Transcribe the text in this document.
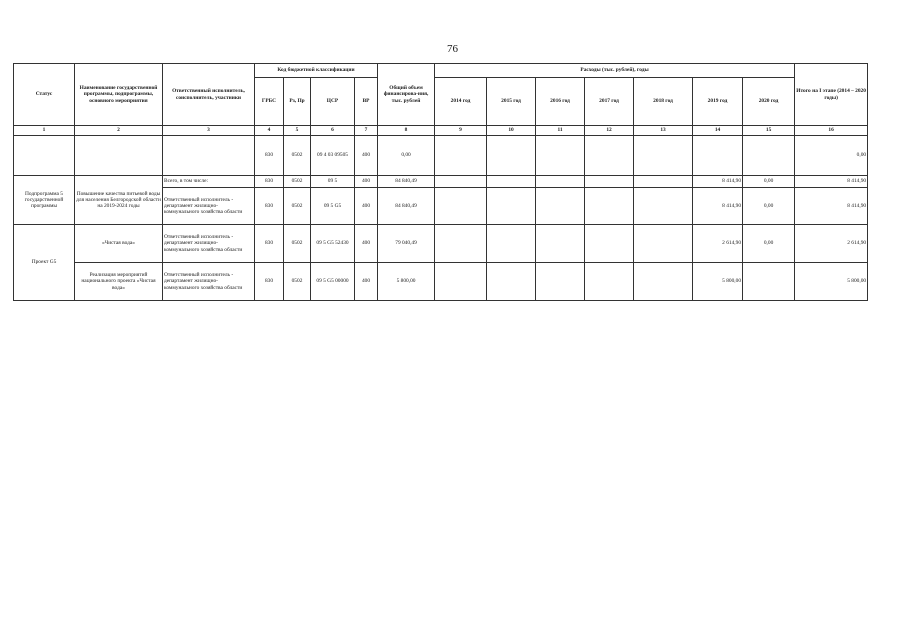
76
Статус	Наименование государственной программы, подпрограммы, основного мероприятия	Ответственный исполнитель, соисполнитель, участники	Код бюджетной классификации				Общий объем финансирова-ния, тыс. рублей	Расходы (тыс. рублей), годы							Итого на I этапе (2014 – 2020 годы)
			ГРБС	Рз, Пр	ЦСР	ВР		2014 год	2015 год	2016 год	2017 год	2018 год	2019 год	2020 год	
1	2	3	4	5	6	7	8	9	10	11	12	13	14	15	16
			830	0502	09 4 03 09505	400	0,00								0,00
Подпрограмма 5 государственной программы	Повышение качества питьевой воды для населения Белгородской области на 2019-2024 годы	Всего, в том числе:	830	0502	09 5	400	84 840,49						8 414,90	0,00	8 414,90
		Ответственный исполнитель - департамент жилищно-коммунального хозяйства области	830	0502	09 5 G5	400	84 840,49						8 414,90	0,00	8 414,90
Проект G5	«Чистая вода»	Ответственный исполнитель - департамент жилищно-коммунального хозяйства области	830	0502	09 5 G5 52430	400	79 040,49						2 614,90	0,00	2 614,90
	Реализация мероприятий национального проекта «Чистая вода»	Ответственный исполнитель - департамент жилищно-коммунального хозяйства области	830	0502	09 5 G5 00000	400	5 800,00						5 800,00		5 800,00
